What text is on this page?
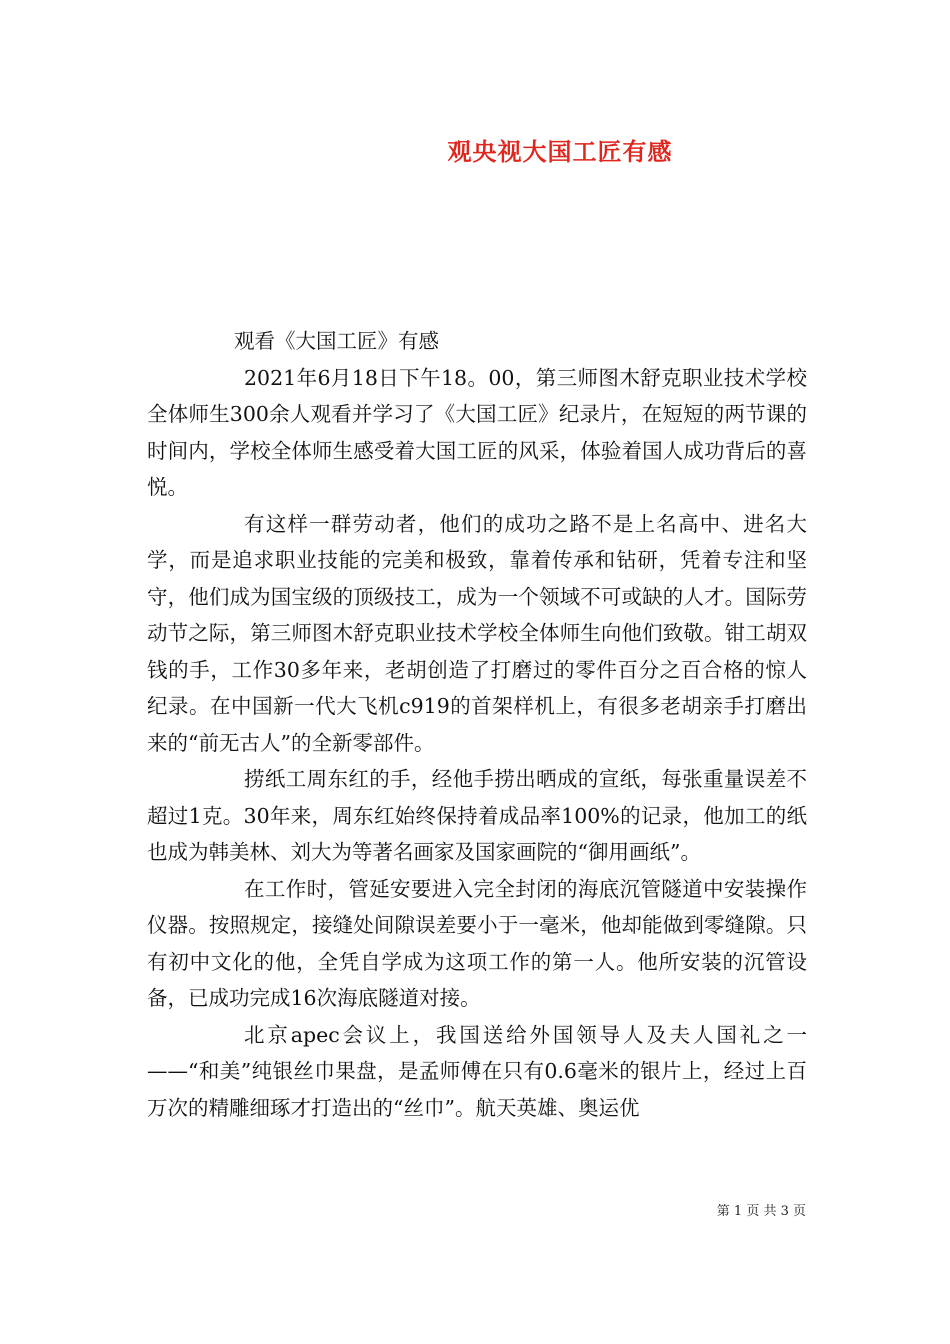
观央视大国工匠有感

观看《大国工匠》有感

2021年6月18日下午18。00，第三师图木舒克职业技术学校全体师生300余人观看并学习了《大国工匠》纪录片，在短短的两节课的时间内，学校全体师生感受着大国工匠的风采，体验着国人成功背后的喜悦。

有这样一群劳动者，他们的成功之路不是上名高中、进名大学，而是追求职业技能的完美和极致，靠着传承和钻研，凭着专注和坚守，他们成为国宝级的顶级技工，成为一个领域不可或缺的人才。国际劳动节之际，第三师图木舒克职业技术学校全体师生向他们致敬。钳工胡双钱的手，工作30多年来，老胡创造了打磨过的零件百分之百合格的惊人纪录。在中国新一代大飞机c919的首架样机上，有很多老胡亲手打磨出来的“前无古人”的全新零部件。

捞纸工周东红的手，经他手捞出晒成的宣纸，每张重量误差不超过1克。30年来，周东红始终保持着成品率100%的记录，他加工的纸也成为韩美林、刘大为等著名画家及国家画院的“御用画纸”。

在工作时，管延安要进入完全封闭的海底沉管隧道中安装操作仪器。按照规定，接缝处间隙误差要小于一毫米，他却能做到零缝隙。只有初中文化的他，全凭自学成为这项工作的第一人。他所安装的沉管设备，已成功完成16次海底隧道对接。

北京apec会议上，我国送给外国领导人及夫人国礼之一——“和美”纯银丝巾果盘，是孟师傅在只有0.6毫米的银片上，经过上百万次的精雕细琢才打造出的“丝巾”。航天英雄、奥运优

第 1 页 共 3 页
